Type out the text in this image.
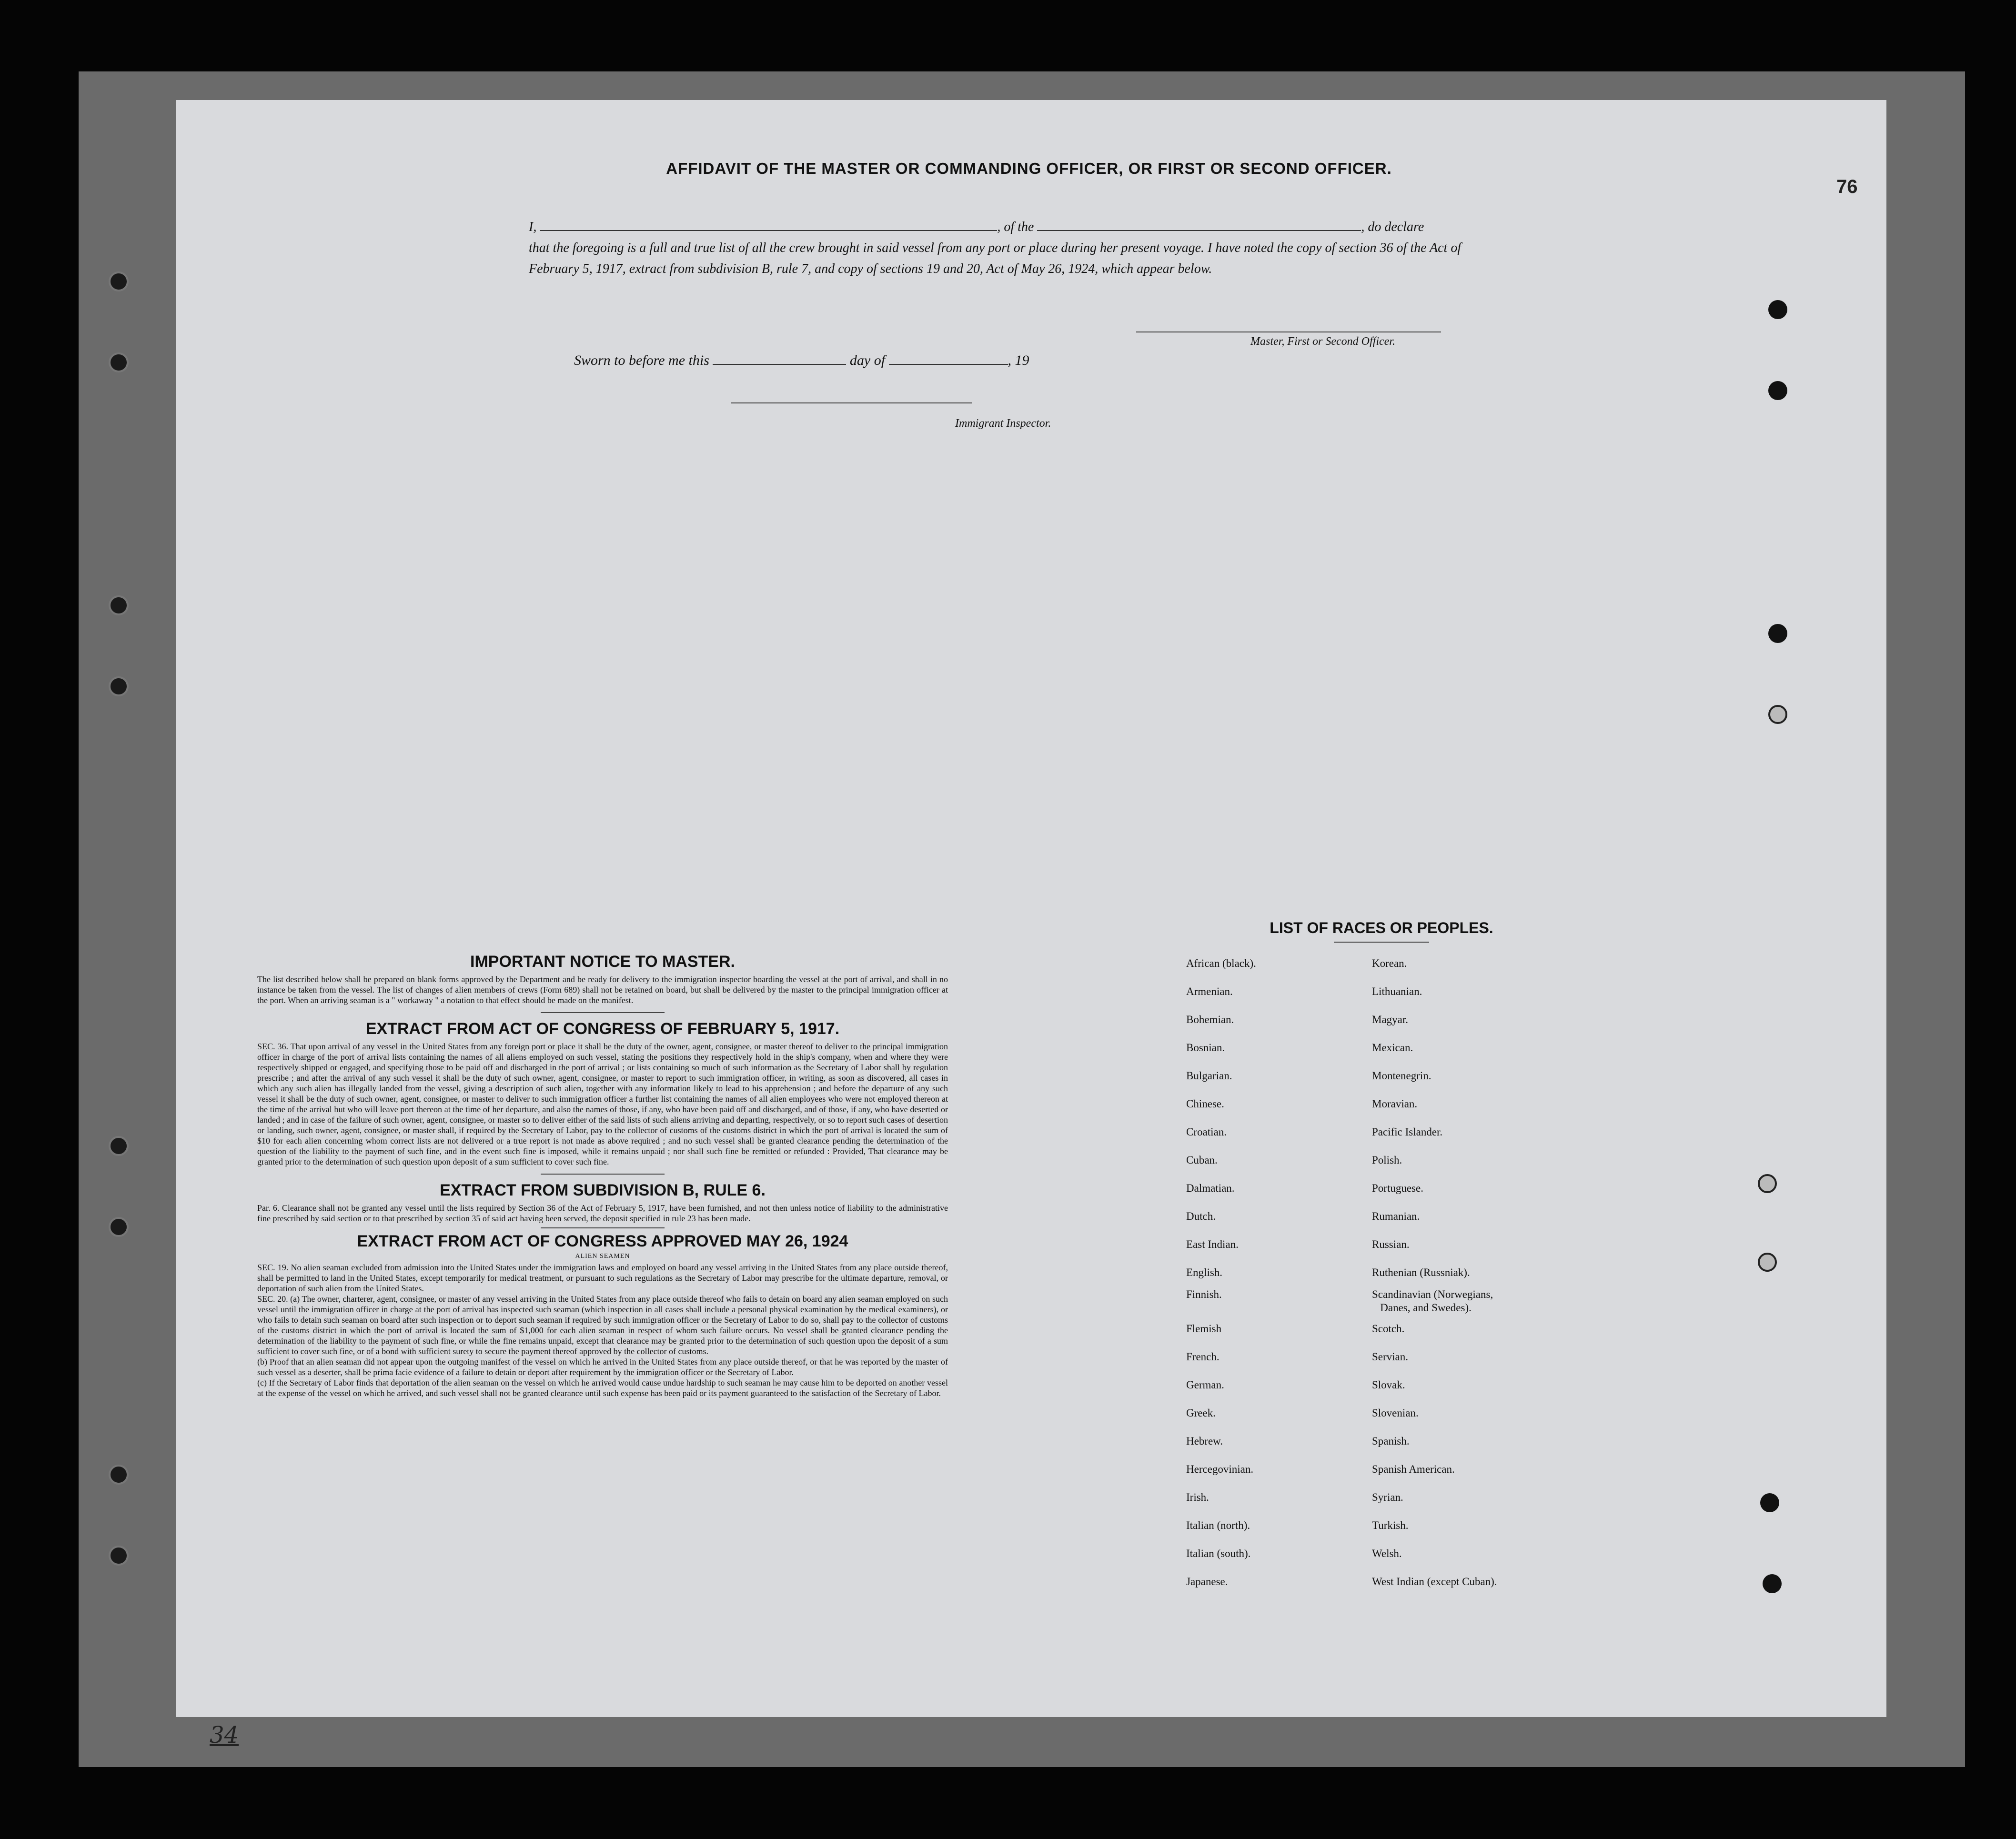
76
AFFIDAVIT OF THE MASTER OR COMMANDING OFFICER, OR FIRST OR SECOND OFFICER.
I,	, of the	, do declare
that the foregoing is a full and true list of all the crew brought in said vessel from any port or place during her present voyage. I have noted the copy of section 36 of the Act of February 5, 1917, extract from subdivision B, rule 7, and copy of sections 19 and 20, Act of May 26, 1924, which appear below.
Master, First or Second Officer.
Sworn to before me this	day of	, 19
Immigrant Inspector.

IMPORTANT NOTICE TO MASTER.

The list described below shall be prepared on blank forms approved by the Department and be ready for delivery to the immigration inspector boarding the vessel at the port of arrival, and shall in no instance be taken from the vessel. The list of changes of alien members of crews (Form 689) shall not be retained on board, but shall be delivered by the master to the principal immigration officer at the port. When an arriving seaman is a " workaway " a notation to that effect should be made on the manifest.

EXTRACT FROM ACT OF CONGRESS OF FEBRUARY 5, 1917.

SEC. 36. That upon arrival of any vessel in the United States from any foreign port or place it shall be the duty of the owner, agent, consignee, or master thereof to deliver to the principal immigration officer in charge of the port of arrival lists containing the names of all aliens employed on such vessel, stating the positions they respectively hold in the ship's company, when and where they were respectively shipped or engaged, and specifying those to be paid off and discharged in the port of arrival ; or lists containing so much of such information as the Secretary of Labor shall by regulation prescribe ; and after the arrival of any such vessel it shall be the duty of such owner, agent, consignee, or master to report to such immigration officer, in writing, as soon as discovered, all cases in which any such alien has illegally landed from the vessel, giving a description of such alien, together with any information likely to lead to his apprehension ; and before the departure of any such vessel it shall be the duty of such owner, agent, consignee, or master to deliver to such immigration officer a further list containing the names of all alien employees who were not employed thereon at the time of the arrival but who will leave port thereon at the time of her departure, and also the names of those, if any, who have been paid off and discharged, and of those, if any, who have deserted or landed ; and in case of the failure of such owner, agent, consignee, or master so to deliver either of the said lists of such aliens arriving and departing, respectively, or so to report such cases of desertion or landing, such owner, agent, consignee, or master shall, if required by the Secretary of Labor, pay to the collector of customs of the customs district in which the port of arrival is located the sum of $10 for each alien concerning whom correct lists are not delivered or a true report is not made as above required ; and no such vessel shall be granted clearance pending the determination of the question of the liability to the payment of such fine, and in the event such fine is imposed, while it remains unpaid ; nor shall such fine be remitted or refunded : Provided, That clearance may be granted prior to the determination of such question upon deposit of a sum sufficient to cover such fine.

EXTRACT FROM SUBDIVISION B, RULE 6.

Par. 6. Clearance shall not be granted any vessel until the lists required by Section 36 of the Act of February 5, 1917, have been furnished, and not then unless notice of liability to the administrative fine prescribed by said section or to that prescribed by section 35 of said act having been served, the deposit specified in rule 23 has been made.

EXTRACT FROM ACT OF CONGRESS APPROVED MAY 26, 1924

ALIEN SEAMEN

SEC. 19. No alien seaman excluded from admission into the United States under the immigration laws and employed on board any vessel arriving in the United States from any place outside thereof, shall be permitted to land in the United States, except temporarily for medical treatment, or pursuant to such regulations as the Secretary of Labor may prescribe for the ultimate departure, removal, or deportation of such alien from the United States.

SEC. 20. (a) The owner, charterer, agent, consignee, or master of any vessel arriving in the United States from any place outside thereof who fails to detain on board any alien seaman employed on such vessel until the immigration officer in charge at the port of arrival has inspected such seaman (which inspection in all cases shall include a personal physical examination by the medical examiners), or who fails to detain such seaman on board after such inspection or to deport such seaman if required by such immigration officer or the Secretary of Labor to do so, shall pay to the collector of customs of the customs district in which the port of arrival is located the sum of $1,000 for each alien seaman in respect of whom such failure occurs. No vessel shall be granted clearance pending the determination of the liability to the payment of such fine, or while the fine remains unpaid, except that clearance may be granted prior to the determination of such question upon the deposit of a sum sufficient to cover such fine, or of a bond with sufficient surety to secure the payment thereof approved by the collector of customs.

(b) Proof that an alien seaman did not appear upon the outgoing manifest of the vessel on which he arrived in the United States from any place outside thereof, or that he was reported by the master of such vessel as a deserter, shall be prima facie evidence of a failure to detain or deport after requirement by the immigration officer or the Secretary of Labor.

(c) If the Secretary of Labor finds that deportation of the alien seaman on the vessel on which he arrived would cause undue hardship to such seaman he may cause him to be deported on another vessel at the expense of the vessel on which he arrived, and such vessel shall not be granted clearance until such expense has been paid or its payment guaranteed to the satisfaction of the Secretary of Labor.

LIST OF RACES OR PEOPLES.

African (black).	Korean.
Armenian.	Lithuanian.
Bohemian.	Magyar.
Bosnian.	Mexican.
Bulgarian.	Montenegrin.
Chinese.	Moravian.
Croatian.	Pacific Islander.
Cuban.	Polish.
Dalmatian.	Portuguese.
Dutch.	Rumanian.
East Indian.	Russian.
English.	Ruthenian (Russniak).
Finnish.	Scandinavian (Norwegians,
Danes, and Swedes).
Flemish	Scotch.
French.	Servian.
German.	Slovak.
Greek.	Slovenian.
Hebrew.	Spanish.
Hercegovinian.	Spanish American.
Irish.	Syrian.
Italian (north).	Turkish.
Italian (south).	Welsh.
Japanese.	West Indian (except Cuban).
34
